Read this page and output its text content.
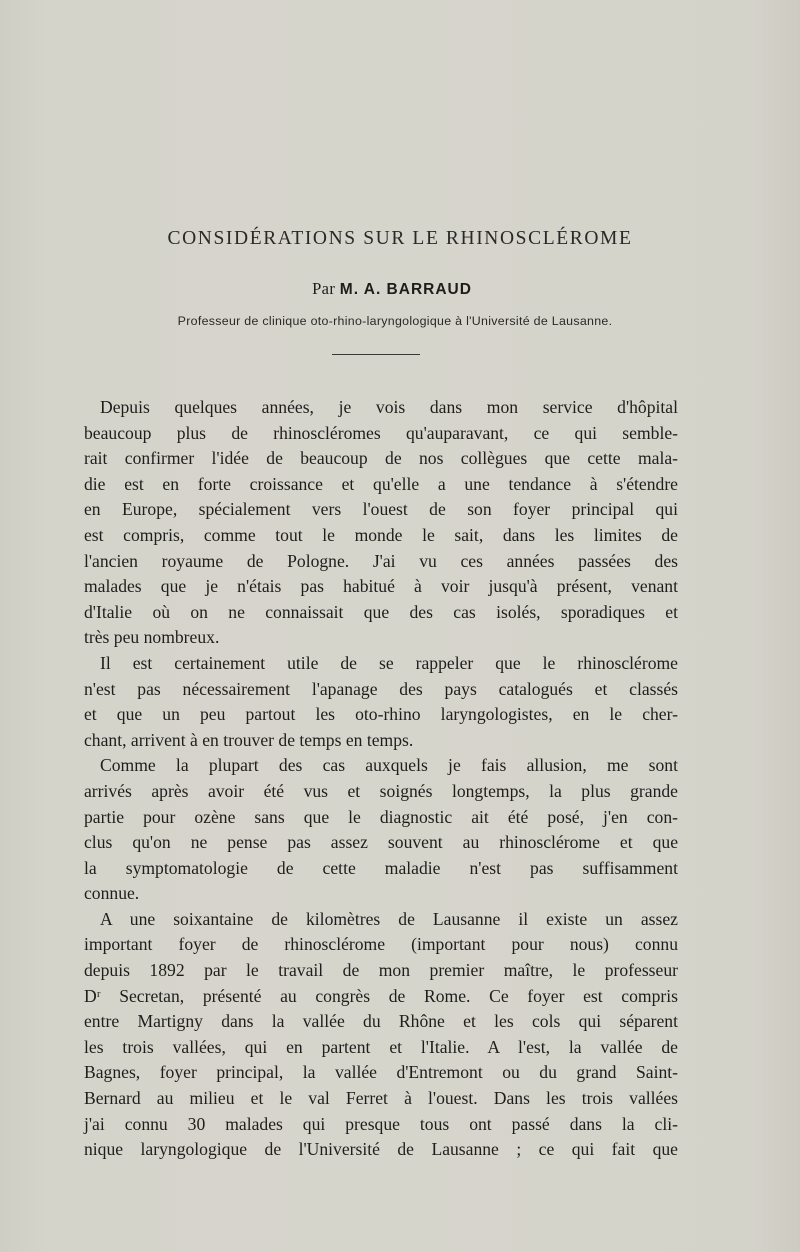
CONSIDÉRATIONS SUR LE RHINOSCLÉROME
Par M. A. BARRAUD
Professeur de clinique oto-rhino-laryngologique à l'Université de Lausanne.
Depuis quelques années, je vois dans mon service d'hôpital
beaucoup plus de rhinoscléromes qu'auparavant, ce qui semble-
rait confirmer l'idée de beaucoup de nos collègues que cette mala-
die est en forte croissance et qu'elle a une tendance à s'étendre
en Europe, spécialement vers l'ouest de son foyer principal qui
est compris, comme tout le monde le sait, dans les limites de
l'ancien royaume de Pologne. J'ai vu ces années passées des
malades que je n'étais pas habitué à voir jusqu'à présent, venant
d'Italie où on ne connaissait que des cas isolés, sporadiques et
très peu nombreux.
Il est certainement utile de se rappeler que le rhinosclérome
n'est pas nécessairement l'apanage des pays catalogués et classés
et que un peu partout les oto-rhino laryngologistes, en le cher-
chant, arrivent à en trouver de temps en temps.
Comme la plupart des cas auxquels je fais allusion, me sont
arrivés après avoir été vus et soignés longtemps, la plus grande
partie pour ozène sans que le diagnostic ait été posé, j'en con-
clus qu'on ne pense pas assez souvent au rhinosclérome et que
la symptomatologie de cette maladie n'est pas suffisamment
connue.
A une soixantaine de kilomètres de Lausanne il existe un assez
important foyer de rhinosclérome (important pour nous) connu
depuis 1892 par le travail de mon premier maître, le professeur
Dʳ Secretan, présenté au congrès de Rome. Ce foyer est compris
entre Martigny dans la vallée du Rhône et les cols qui séparent
les trois vallées, qui en partent et l'Italie. A l'est, la vallée de
Bagnes, foyer principal, la vallée d'Entremont ou du grand Saint-
Bernard au milieu et le val Ferret à l'ouest. Dans les trois vallées
j'ai connu 30 malades qui presque tous ont passé dans la cli-
nique laryngologique de l'Université de Lausanne ; ce qui fait que
